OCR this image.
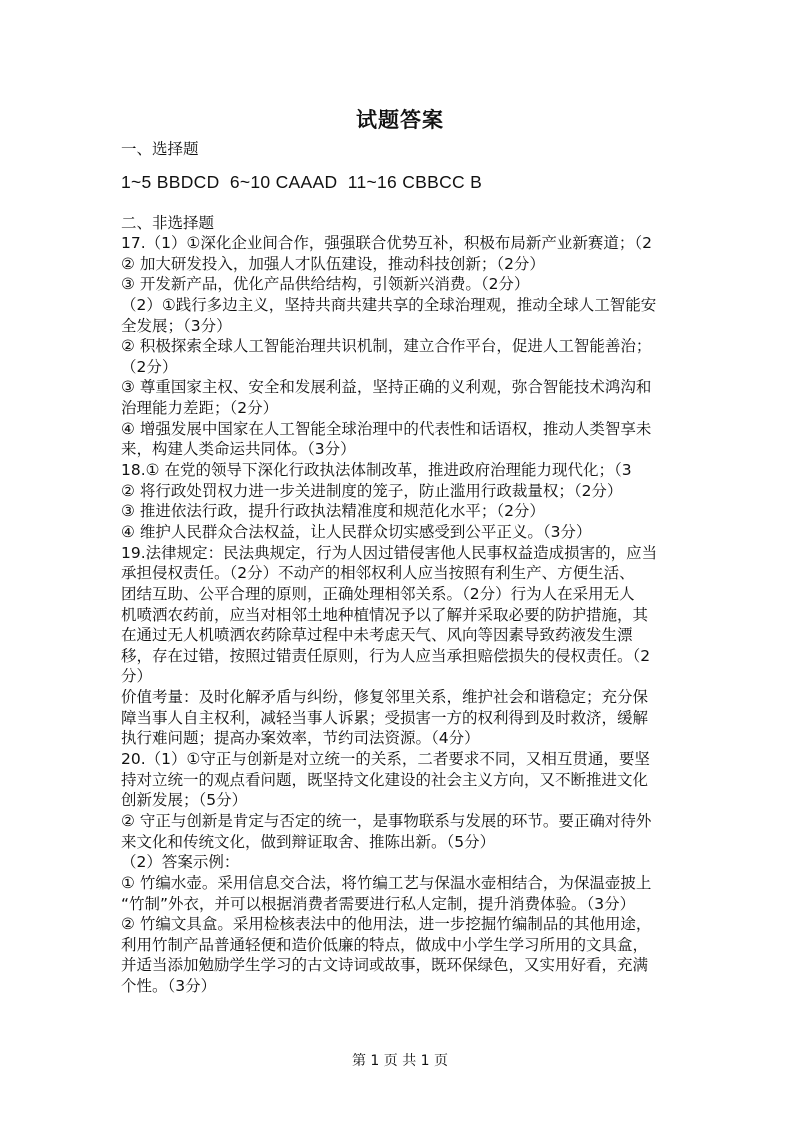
试题答案
一、选择题
1~5 BBDCD  6~10 CAAAD  11~16 CBBCC B
二、非选择题
17.（1）①深化企业间合作，强强联合优势互补，积极布局新产业新赛道；（2
② 加大研发投入，加强人才队伍建设，推动科技创新；（2分）
③ 开发新产品，优化产品供给结构，引领新兴消费。（2分）
（2）①践行多边主义，坚持共商共建共享的全球治理观，推动全球人工智能安
全发展；（3分）
② 积极探索全球人工智能治理共识机制，建立合作平台，促进人工智能善治；
（2分）
③ 尊重国家主权、安全和发展利益，坚持正确的义利观，弥合智能技术鸿沟和
治理能力差距；（2分）
④ 增强发展中国家在人工智能全球治理中的代表性和话语权，推动人类智享未
来，构建人类命运共同体。（3分）
18.① 在党的领导下深化行政执法体制改革，推进政府治理能力现代化；（3
② 将行政处罚权力进一步关进制度的笼子，防止滥用行政裁量权；（2分）
③ 推进依法行政，提升行政执法精准度和规范化水平；（2分）
④ 维护人民群众合法权益，让人民群众切实感受到公平正义。（3分）
19.法律规定：民法典规定，行为人因过错侵害他人民事权益造成损害的，应当
承担侵权责任。（2分）不动产的相邻权利人应当按照有利生产、方便生活、
团结互助、公平合理的原则，正确处理相邻关系。（2分）行为人在采用无人
机喷洒农药前，应当对相邻土地种植情况予以了解并采取必要的防护措施，其
在通过无人机喷洒农药除草过程中未考虑天气、风向等因素导致药液发生漂
移，存在过错，按照过错责任原则，行为人应当承担赔偿损失的侵权责任。（2
分）
价值考量：及时化解矛盾与纠纷，修复邻里关系，维护社会和谐稳定；充分保
障当事人自主权利，减轻当事人诉累；受损害一方的权利得到及时救济，缓解
执行难问题；提高办案效率，节约司法资源。（4分）
20.（1）①守正与创新是对立统一的关系，二者要求不同，又相互贯通，要坚
持对立统一的观点看问题，既坚持文化建设的社会主义方向，又不断推进文化
创新发展；（5分）
② 守正与创新是肯定与否定的统一，是事物联系与发展的环节。要正确对待外
来文化和传统文化，做到辩证取舍、推陈出新。（5分）
（2）答案示例：
① 竹编水壶。采用信息交合法，将竹编工艺与保温水壶相结合，为保温壶披上
“竹制”外衣，并可以根据消费者需要进行私人定制，提升消费体验。（3分）
② 竹编文具盒。采用检核表法中的他用法，进一步挖掘竹编制品的其他用途，
利用竹制产品普通轻便和造价低廉的特点，做成中小学生学习所用的文具盒，
并适当添加勉励学生学习的古文诗词或故事，既环保绿色，又实用好看，充满
个性。（3分）
第 1 页 共 1 页
